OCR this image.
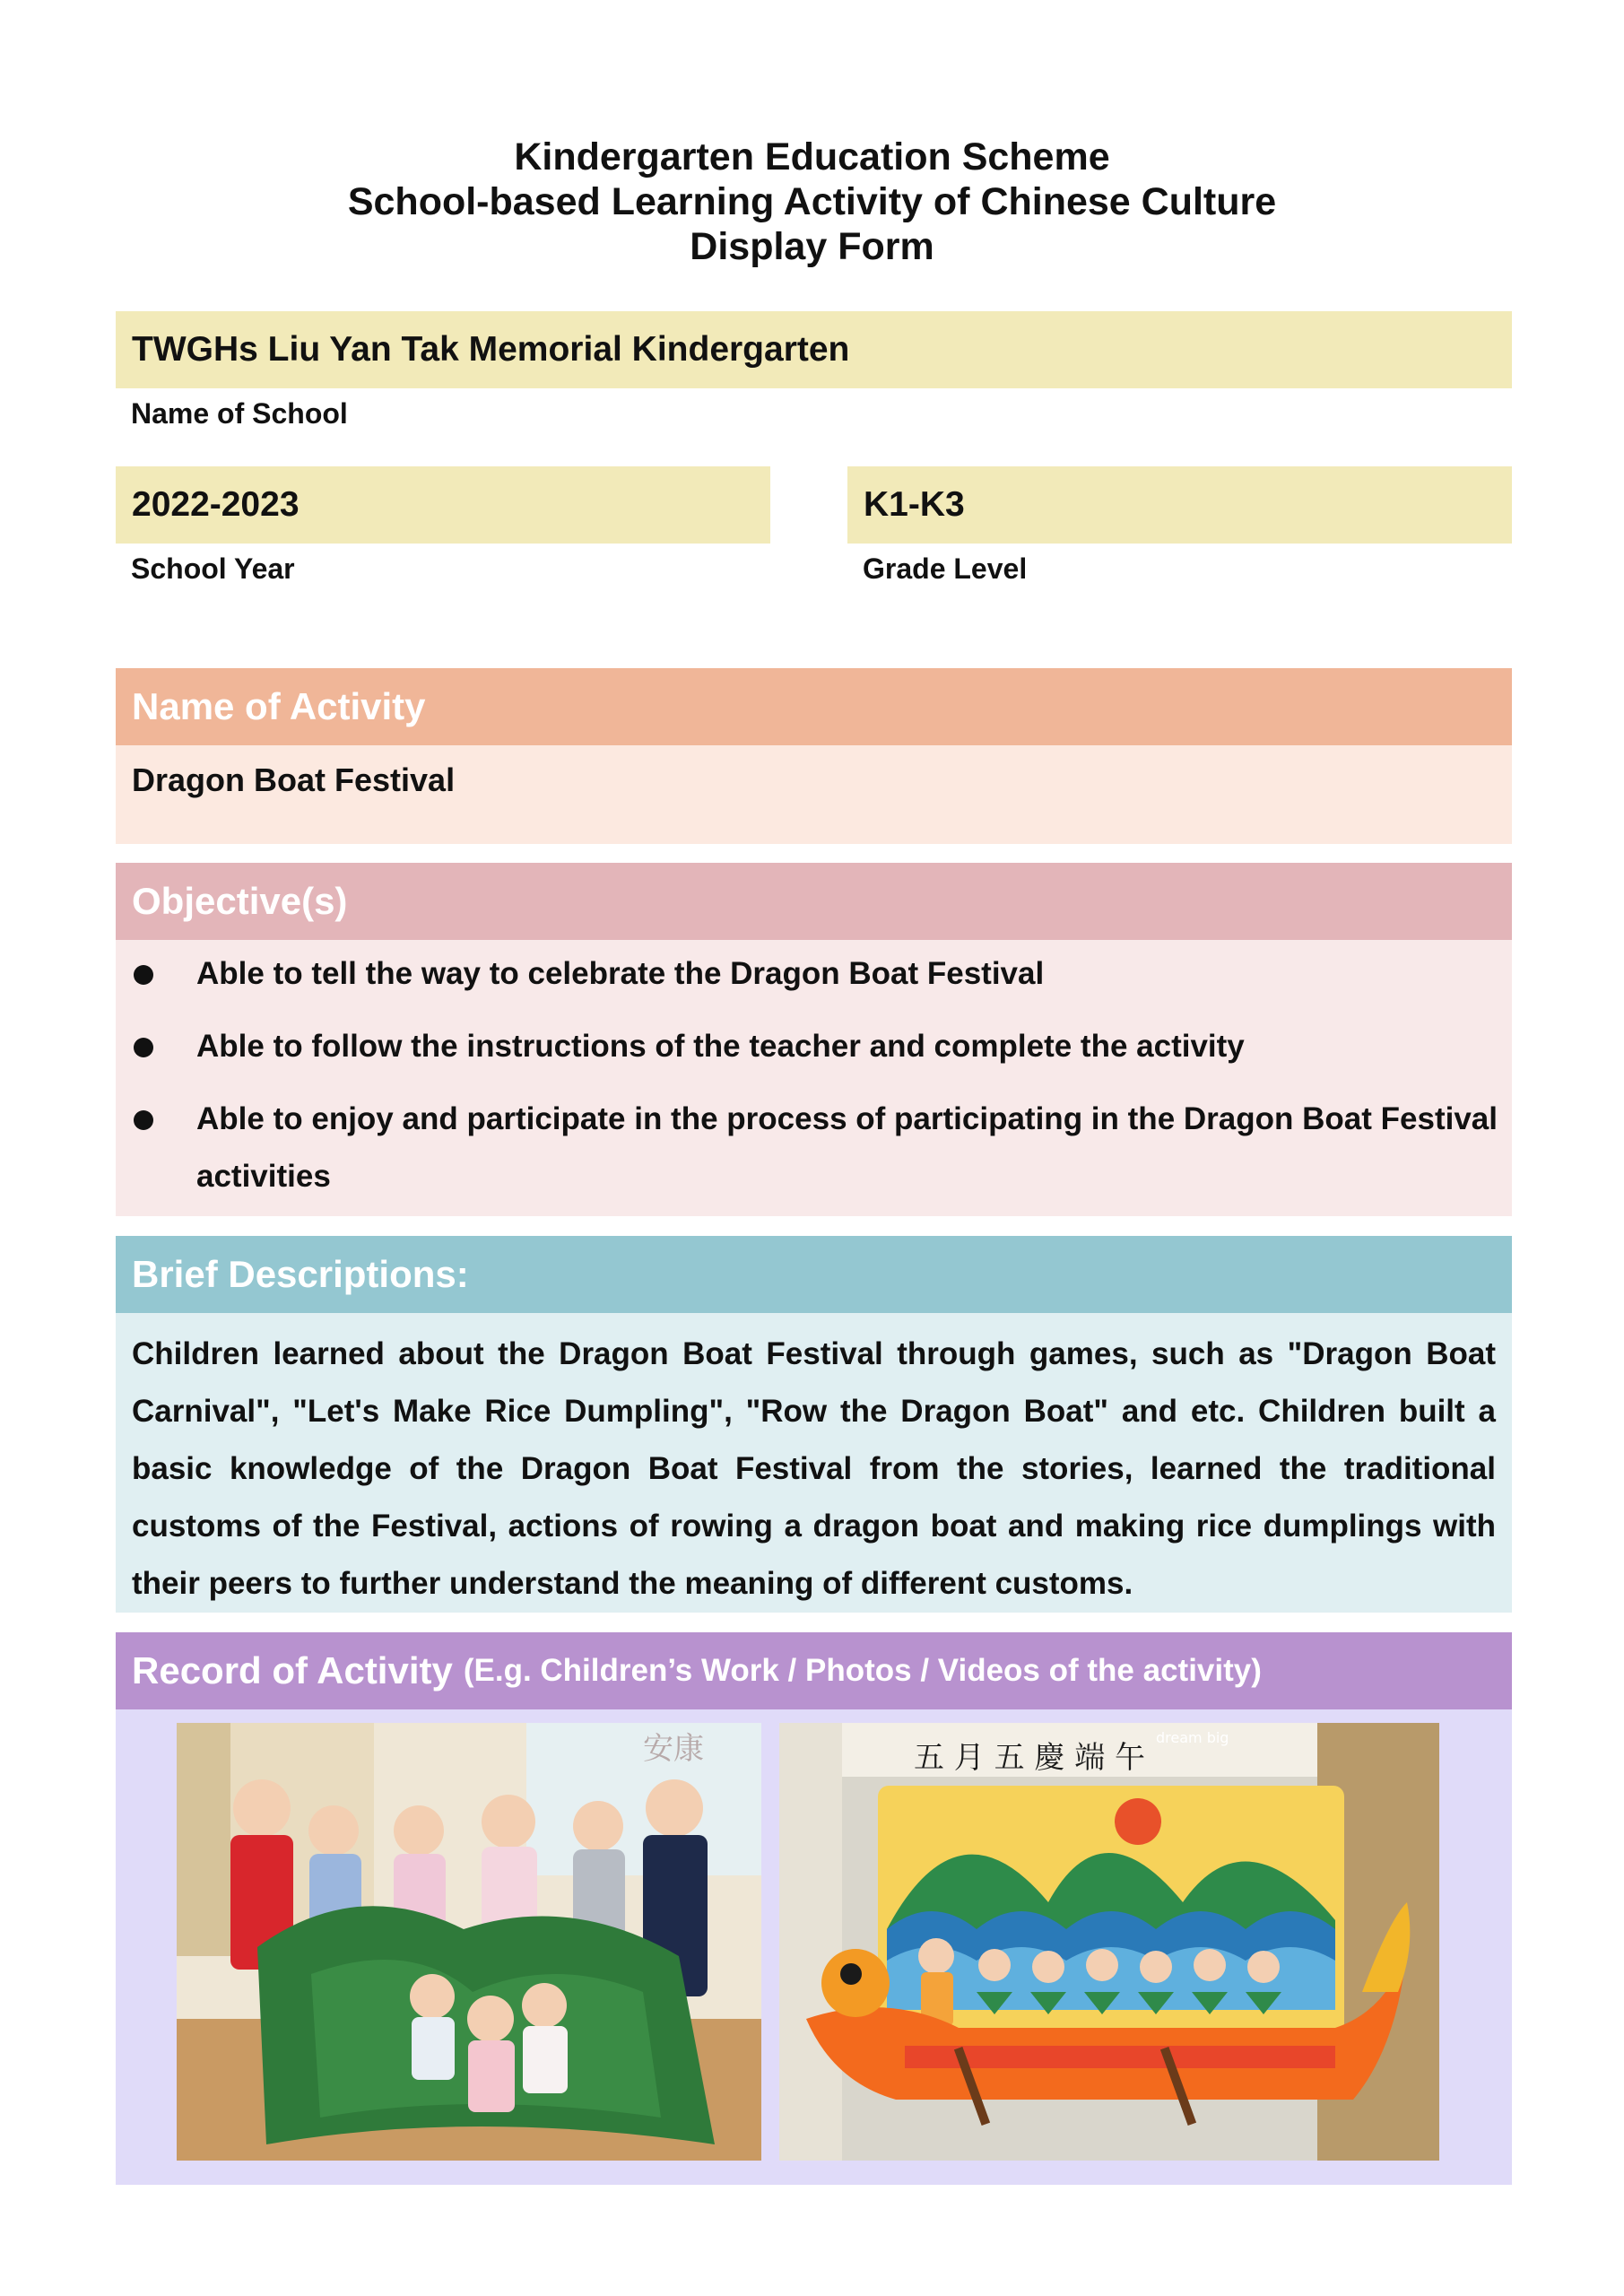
Kindergarten Education Scheme
School-based Learning Activity of Chinese Culture
Display Form
TWGHs Liu Yan Tak Memorial Kindergarten
Name of School
2022-2023
School Year
K1-K3
Grade Level
Name of Activity
Dragon Boat Festival
Objective(s)
Able to tell the way to celebrate the Dragon Boat Festival
Able to follow the instructions of the teacher and complete the activity
Able to enjoy and participate in the process of participating in the Dragon Boat Festival activities
Brief Descriptions:
Children learned about the Dragon Boat Festival through games, such as "Dragon Boat Carnival", "Let's Make Rice Dumpling", "Row the Dragon Boat" and etc. Children built a basic knowledge of the Dragon Boat Festival from the stories, learned the traditional customs of the Festival, actions of rowing a dragon boat and making rice dumplings with their peers to further understand the meaning of different customs.
Record of Activity (E.g. Children’s Work / Photos / Videos of the activity)
安康	五 月 五 慶 端 午
dream big
